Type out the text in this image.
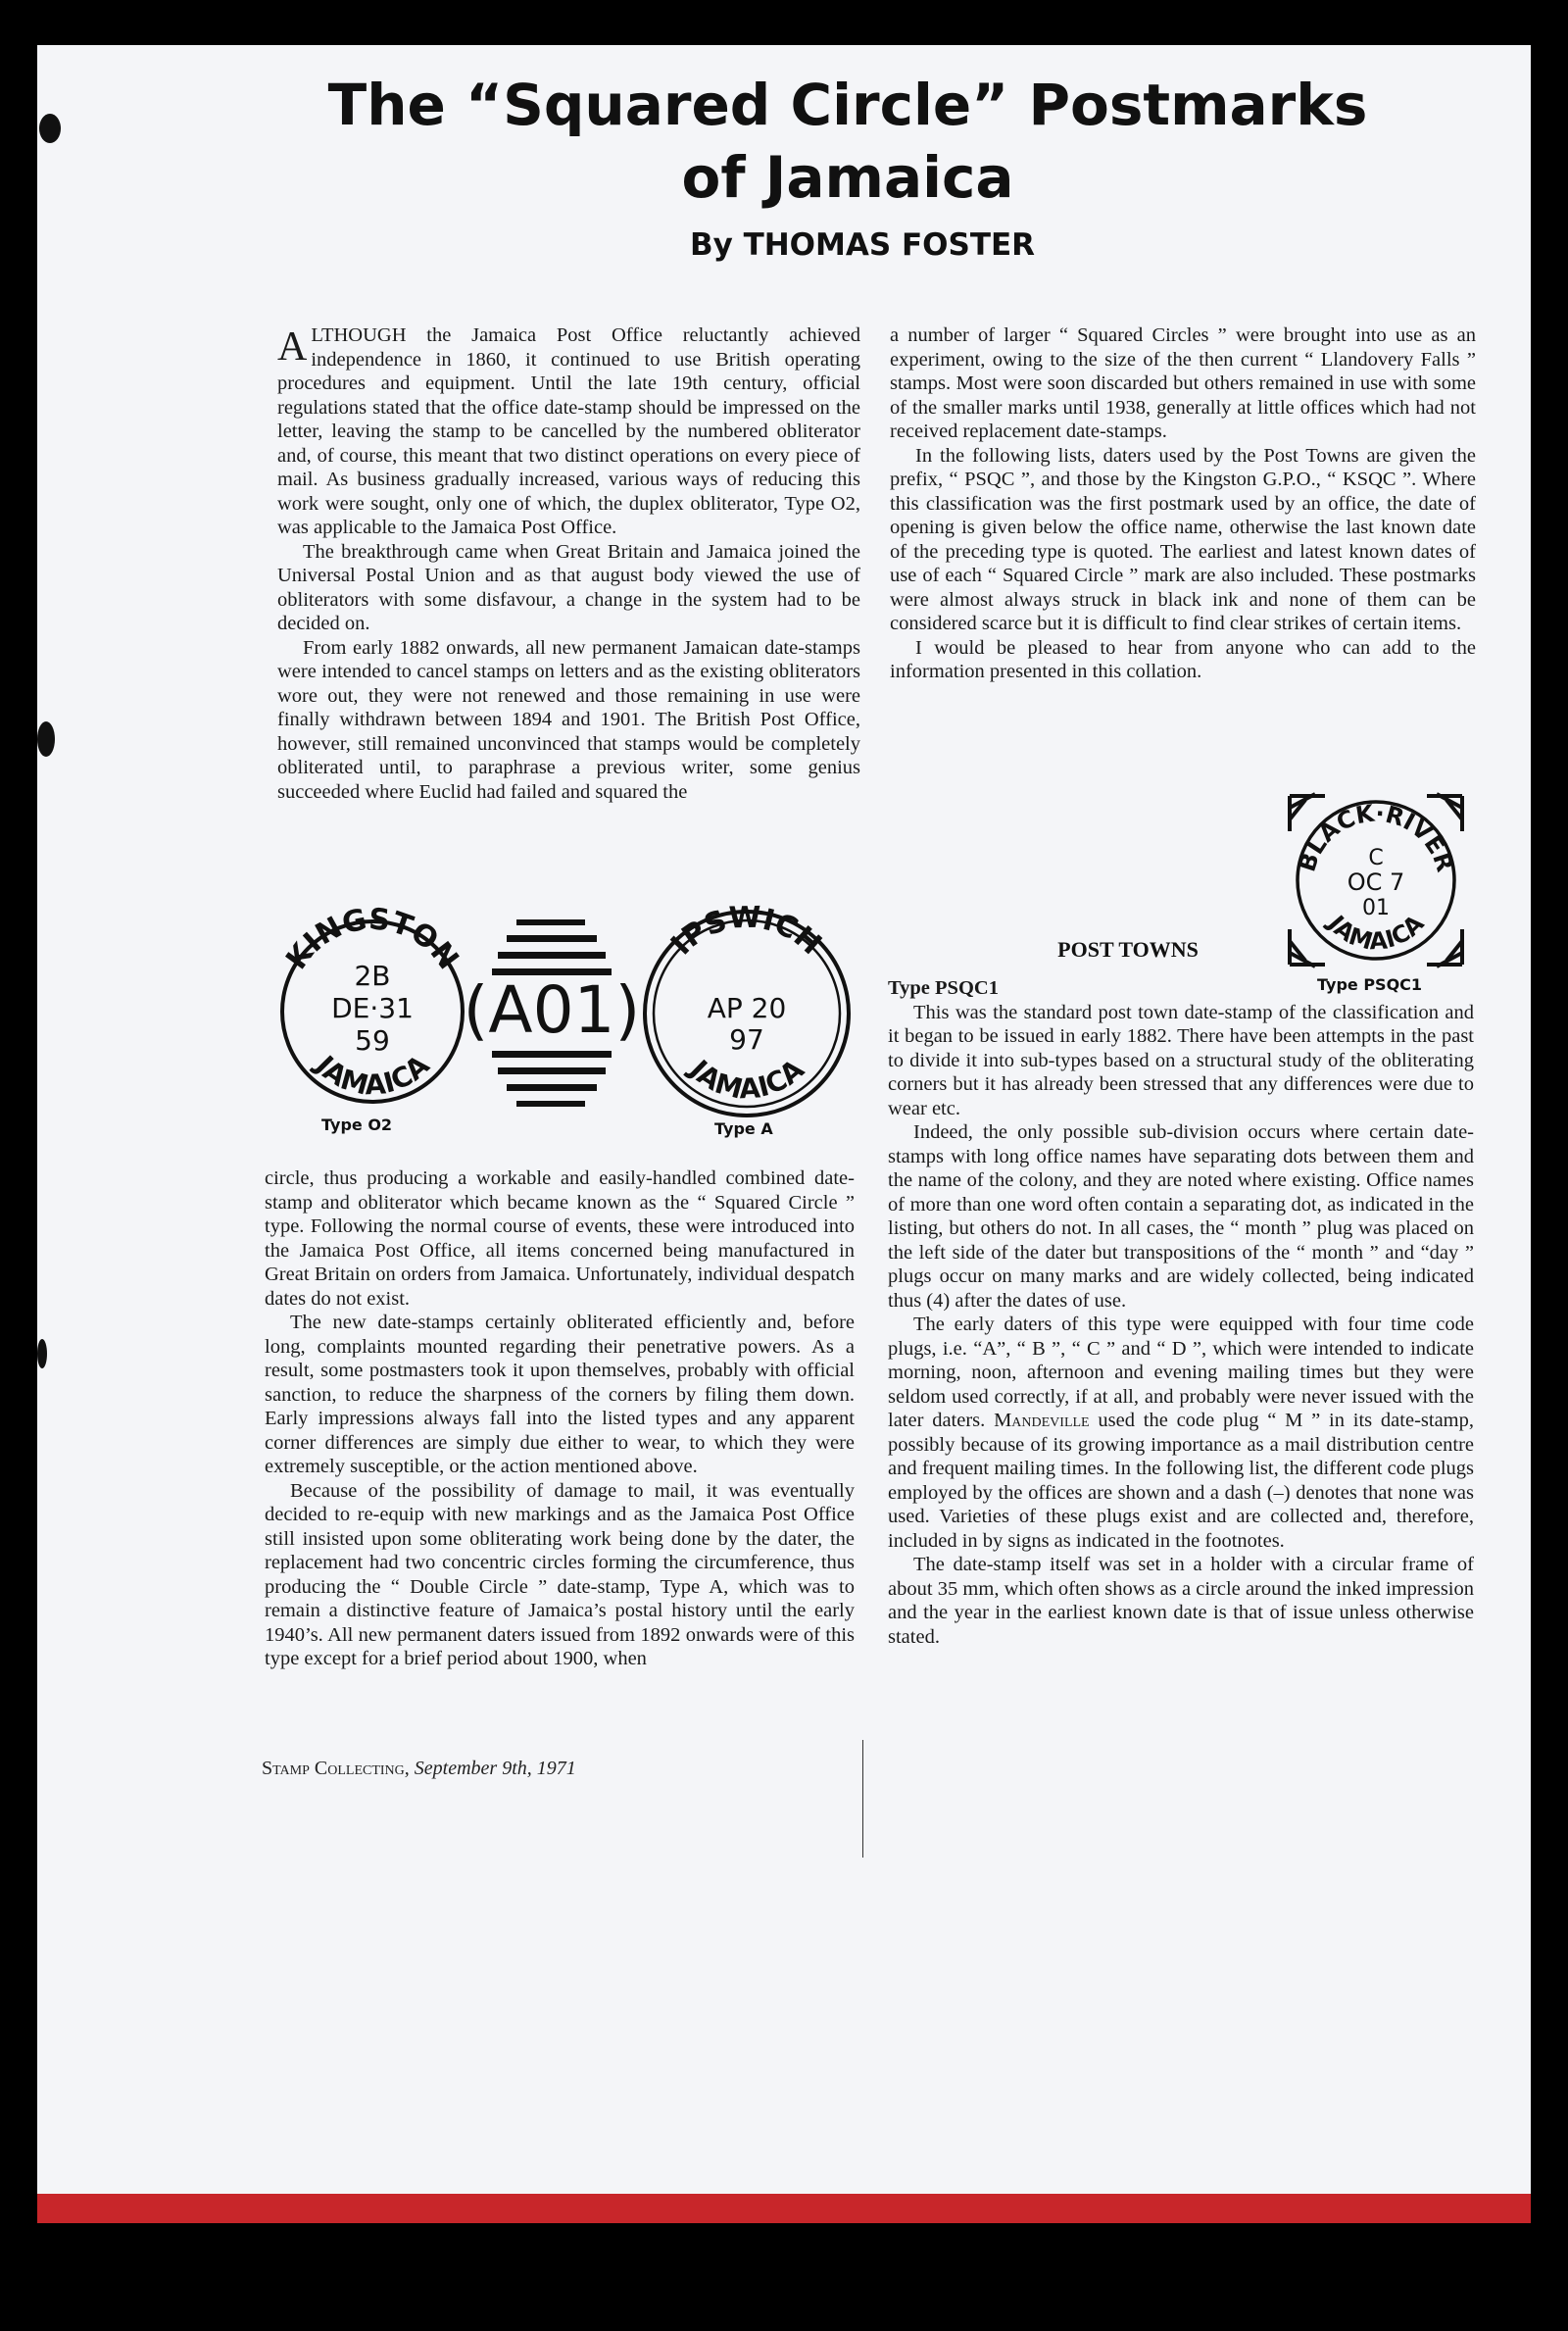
The “Squared Circle” Postmarks
of Jamaica
By THOMAS FOSTER

ALTHOUGH the Jamaica Post Office reluctantly achieved independence in 1860, it continued to use British operating procedures and equipment. Until the late 19th century, official regulations stated that the office date-stamp should be impressed on the letter, leaving the stamp to be cancelled by the numbered obliterator and, of course, this meant that two distinct operations on every piece of mail. As business gradually increased, various ways of reducing this work were sought, only one of which, the duplex obliterator, Type O2, was applicable to the Jamaica Post Office.

The breakthrough came when Great Britain and Jamaica joined the Universal Postal Union and as that august body viewed the use of obliterators with some disfavour, a change in the system had to be decided on.

From early 1882 onwards, all new permanent Jamaican date-stamps were intended to cancel stamps on letters and as the existing obliterators wore out, they were not renewed and those remaining in use were finally withdrawn between 1894 and 1901. The British Post Office, however, still remained unconvinced that stamps would be completely obliterated until, to paraphrase a previous writer, some genius succeeded where Euclid had failed and squared the

KINGSTON
JAMAICA
2B
DE·31
59 (A01)
IPSWICH
JAMAICA
AP 20
97
Type O2	Type A

circle, thus producing a workable and easily-handled combined date-stamp and obliterator which became known as the “ Squared Circle ” type. Following the normal course of events, these were introduced into the Jamaica Post Office, all items concerned being manufactured in Great Britain on orders from Jamaica. Unfortunately, individual despatch dates do not exist.

The new date-stamps certainly obliterated efficiently and, before long, complaints mounted regarding their penetrative powers. As a result, some postmasters took it upon themselves, probably with official sanction, to reduce the sharpness of the corners by filing them down. Early impressions always fall into the listed types and any apparent corner differences are simply due either to wear, to which they were extremely susceptible, or the action mentioned above.

Because of the possibility of damage to mail, it was eventually decided to re-equip with new markings and as the Jamaica Post Office still insisted upon some obliterating work being done by the dater, the replacement had two concentric circles forming the circumference, thus producing the “ Double Circle ” date-stamp, Type A, which was to remain a distinctive feature of Jamaica’s postal history until the early 1940’s. All new permanent daters issued from 1892 onwards were of this type except for a brief period about 1900, when

Stamp Collecting, September 9th, 1971

a number of larger “ Squared Circles ” were brought into use as an experiment, owing to the size of the then current “ Llandovery Falls ” stamps. Most were soon discarded but others remained in use with some of the smaller marks until 1938, generally at little offices which had not received replacement date-stamps.

In the following lists, daters used by the Post Towns are given the prefix, “ PSQC ”, and those by the Kingston G.P.O., “ KSQC ”. Where this classification was the first postmark used by an office, the date of opening is given below the office name, otherwise the last known date of the preceding type is quoted. The earliest and latest known dates of use of each “ Squared Circle ” mark are also included. These postmarks were almost always struck in black ink and none of them can be considered scarce but it is difficult to find clear strikes of certain items.

I would be pleased to hear from anyone who can add to the information presented in this collation.

BLACK·RIVER
JAMAICA
C
OC 7
01
Type PSQC1
POST TOWNS

Type PSQC1

This was the standard post town date-stamp of the classification and it began to be issued in early 1882. There have been attempts in the past to divide it into sub-types based on a structural study of the obliterating corners but it has already been stressed that any differences were due to wear etc.

Indeed, the only possible sub-division occurs where certain date-stamps with long office names have separating dots between them and the name of the colony, and they are noted where existing. Office names of more than one word often contain a separating dot, as indicated in the listing, but others do not. In all cases, the “ month ” plug was placed on the left side of the dater but transpositions of the “ month ” and “day ” plugs occur on many marks and are widely collected, being indicated thus (4) after the dates of use.

The early daters of this type were equipped with four time code plugs, i.e. “A”, “ B ”, “ C ” and “ D ”, which were intended to indicate morning, noon, afternoon and evening mailing times but they were seldom used correctly, if at all, and probably were never issued with the later daters. Mandeville used the code plug “ M ” in its date-stamp, possibly because of its growing importance as a mail distribution centre and frequent mailing times. In the following list, the different code plugs employed by the offices are shown and a dash (–) denotes that none was used. Varieties of these plugs exist and are collected and, therefore, included in by signs as indicated in the footnotes.

The date-stamp itself was set in a holder with a circular frame of about 35 mm, which often shows as a circle around the inked impression and the year in the earliest known date is that of issue unless otherwise stated.
